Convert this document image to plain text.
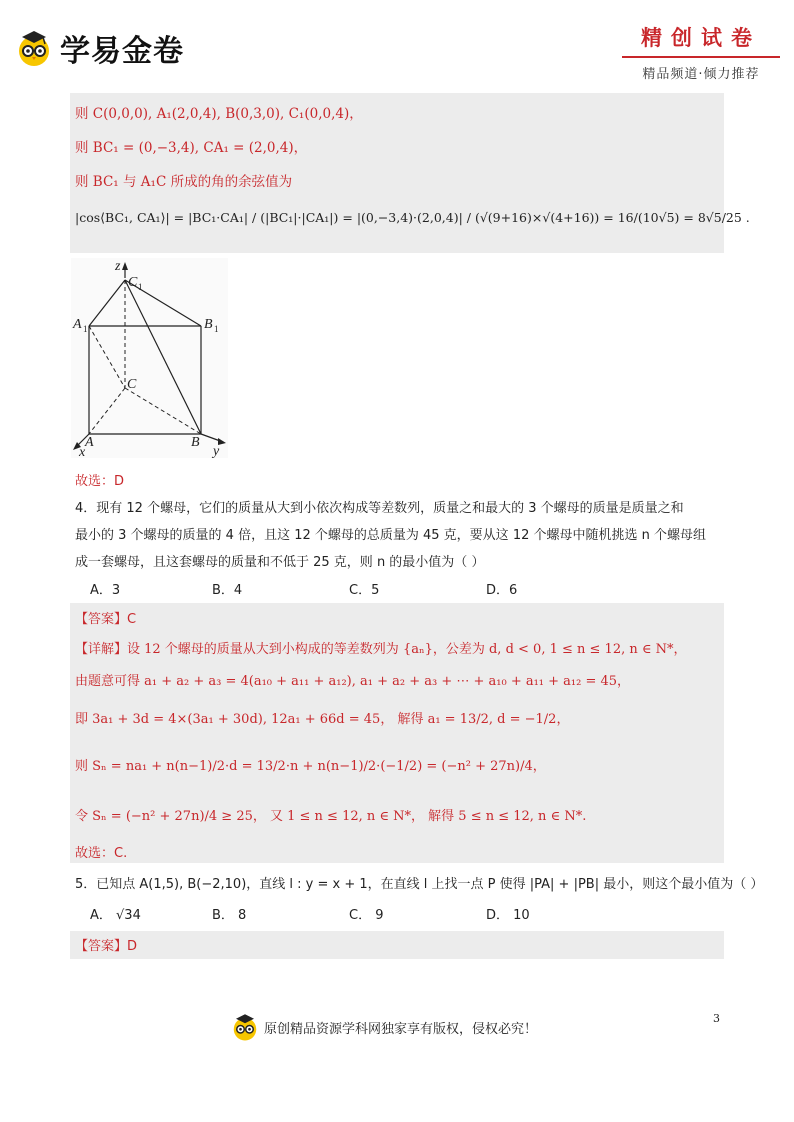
学易金卷	精创试卷
精品频道·倾力推荐
则 C(0,0,0), A₁(2,0,4), B(0,3,0), C₁(0,0,4)，
则 BC₁ = (0,−3,4), CA₁ = (2,0,4)，
则 BC₁ 与 A₁C 所成的角的余弦值为
|cos⟨BC₁, CA₁⟩| = |BC₁·CA₁| / (|BC₁|·|CA₁|) = |(0,−3,4)·(2,0,4)| / (√(9+16)×√(4+16)) = 16/(10√5) = 8√5/25 .
z
C 1
A 1	B 1
C
A	B
x	y
故选：D
4．现有 12 个螺母，它们的质量从大到小依次构成等差数列，质量之和最大的 3 个螺母的质量是质量之和
最小的 3 个螺母的质量的 4 倍，且这 12 个螺母的总质量为 45 克，要从这 12 个螺母中随机挑选 n 个螺母组
成一套螺母，且这套螺母的质量和不低于 25 克，则 n 的最小值为（ ）
A．3	B．4	C．5	D．6
【答案】C
【详解】设 12 个螺母的质量从大到小构成的等差数列为 {aₙ}，公差为 d, d < 0, 1 ≤ n ≤ 12, n ∈ N*，
由题意可得 a₁ + a₂ + a₃ = 4(a₁₀ + a₁₁ + a₁₂), a₁ + a₂ + a₃ + ⋯ + a₁₀ + a₁₁ + a₁₂ = 45，
即 3a₁ + 3d = 4×(3a₁ + 30d), 12a₁ + 66d = 45， 解得 a₁ = 13/2, d = −1/2，
则 Sₙ = na₁ + n(n−1)/2·d = 13/2·n + n(n−1)/2·(−1/2) = (−n² + 27n)/4，
令 Sₙ = (−n² + 27n)/4 ≥ 25， 又 1 ≤ n ≤ 12, n ∈ N*， 解得 5 ≤ n ≤ 12, n ∈ N*.
故选：C.
5．已知点 A(1,5), B(−2,10)，直线 l : y = x + 1，在直线 l 上找一点 P 使得 |PA| + |PB| 最小，则这个最小值为（ ）
A． √34	B． 8	C． 9	D． 10
【答案】D
原创精品资源学科网独家享有版权，侵权必究！
3
